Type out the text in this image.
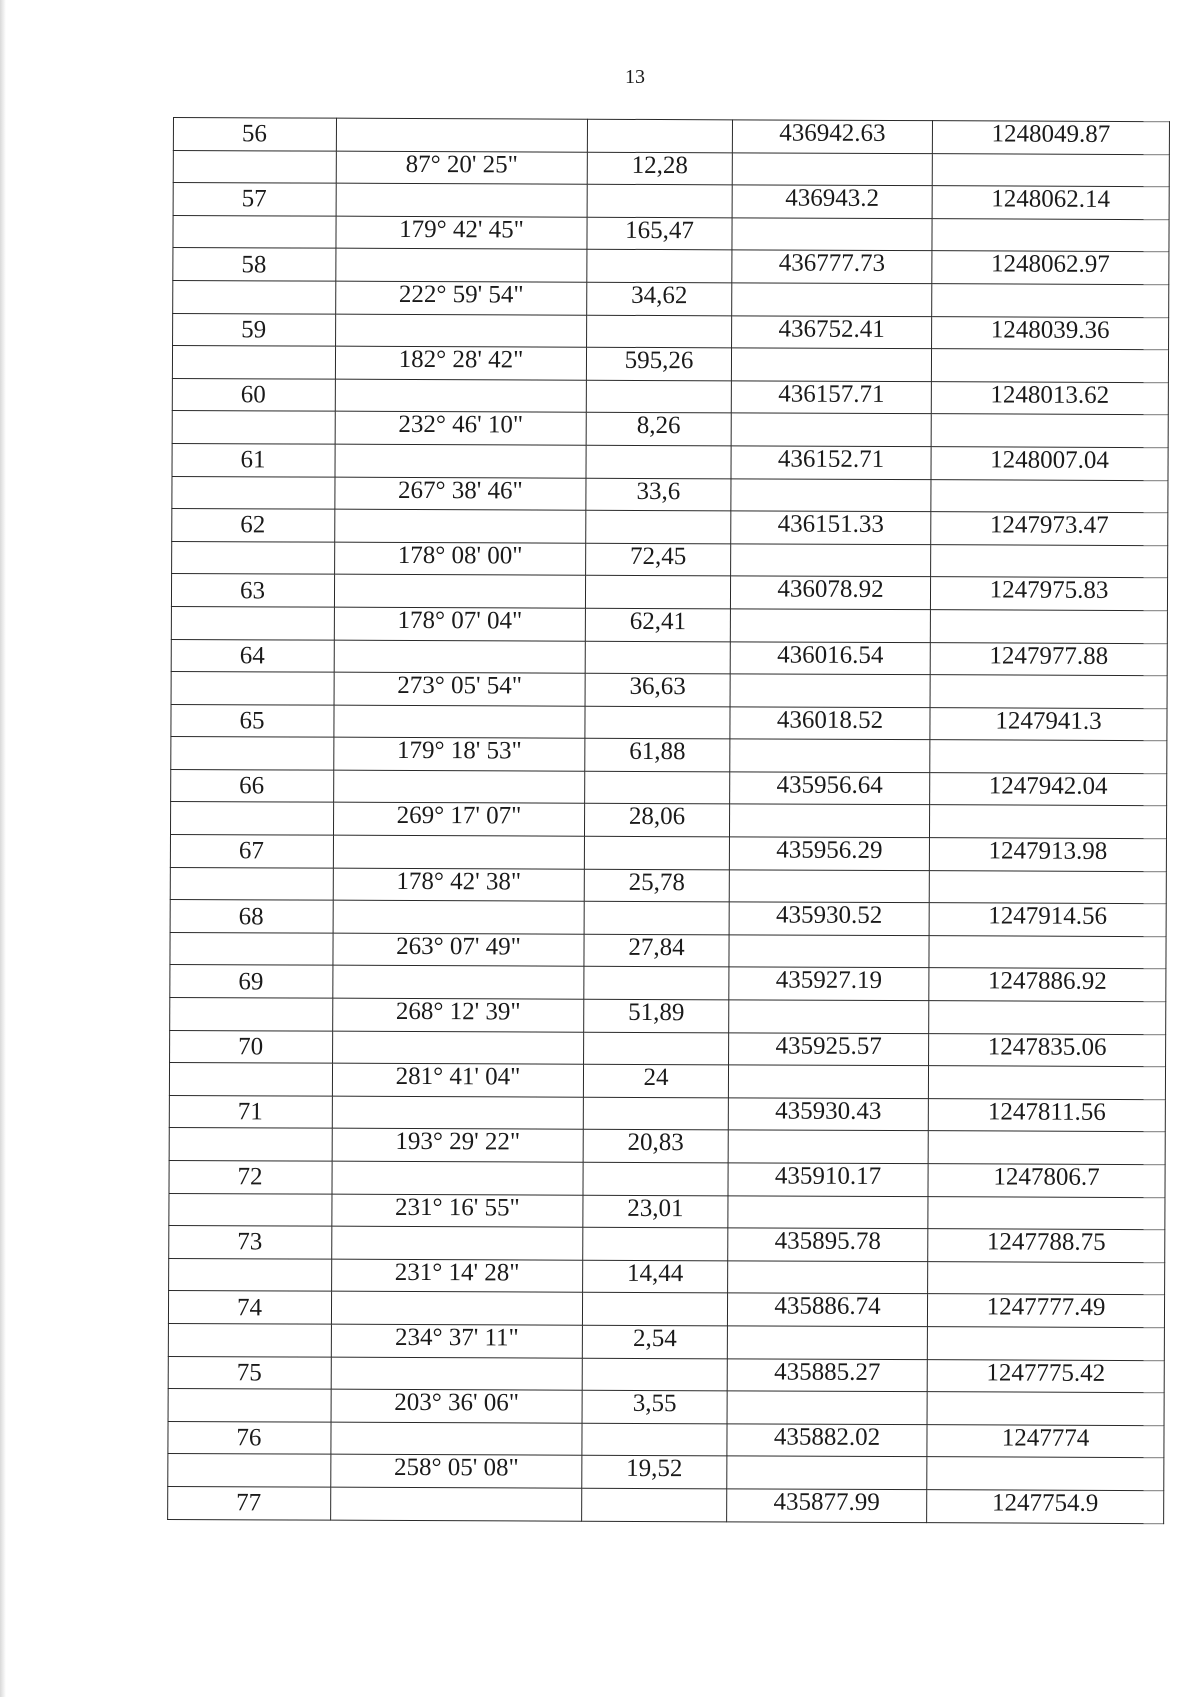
13
56			436942.63	1248049.87
	87° 20' 25"	12,28		
57			436943.2	1248062.14
	179° 42' 45"	165,47		
58			436777.73	1248062.97
	222° 59' 54"	34,62		
59			436752.41	1248039.36
	182° 28' 42"	595,26		
60			436157.71	1248013.62
	232° 46' 10"	8,26		
61			436152.71	1248007.04
	267° 38' 46"	33,6		
62			436151.33	1247973.47
	178° 08' 00"	72,45		
63			436078.92	1247975.83
	178° 07' 04"	62,41		
64			436016.54	1247977.88
	273° 05' 54"	36,63		
65			436018.52	1247941.3
	179° 18' 53"	61,88		
66			435956.64	1247942.04
	269° 17' 07"	28,06		
67			435956.29	1247913.98
	178° 42' 38"	25,78		
68			435930.52	1247914.56
	263° 07' 49"	27,84		
69			435927.19	1247886.92
	268° 12' 39"	51,89		
70			435925.57	1247835.06
	281° 41' 04"	24		
71			435930.43	1247811.56
	193° 29' 22"	20,83		
72			435910.17	1247806.7
	231° 16' 55"	23,01		
73			435895.78	1247788.75
	231° 14' 28"	14,44		
74			435886.74	1247777.49
	234° 37' 11"	2,54		
75			435885.27	1247775.42
	203° 36' 06"	3,55		
76			435882.02	1247774
	258° 05' 08"	19,52		
77			435877.99	1247754.9
